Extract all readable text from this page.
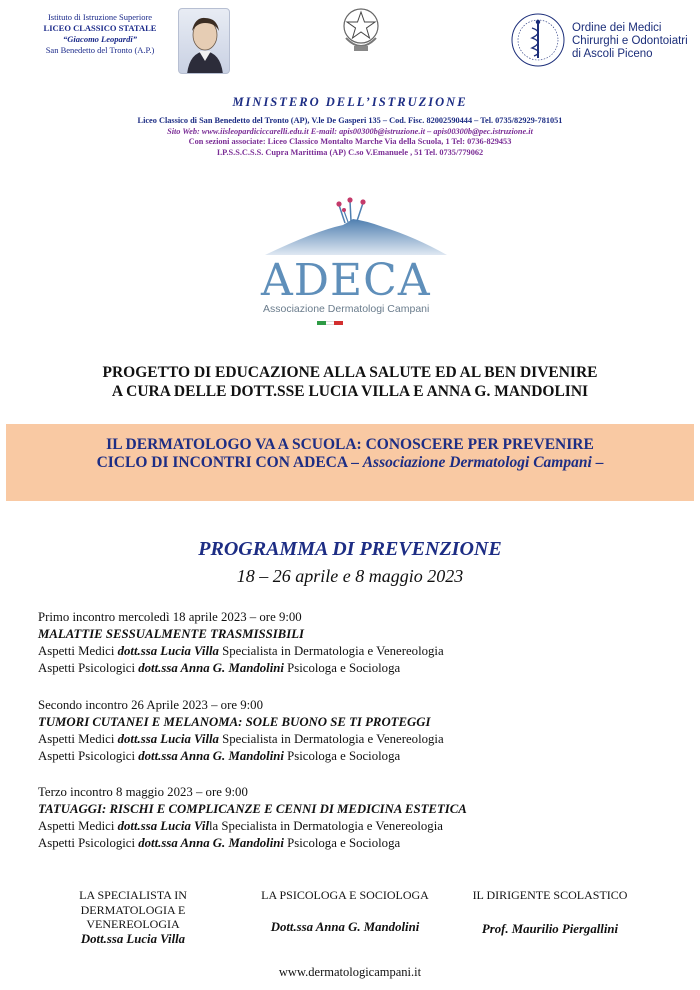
Istituto di Istruzione Superiore
LICEO CLASSICO STATALE
“Giacomo Leopardi”
San Benedetto del Tronto (A.P.)
Ordine dei Medici
Chirurghi e Odontoiatri
di Ascoli Piceno
MINISTERO DELL’ISTRUZIONE
Liceo Classico di San Benedetto del Tronto (AP), V.le De Gasperi 135 – Cod. Fisc. 82002590444 – Tel. 0735/82929-781051
Sito Web: www.iisleopardiciccarelli.edu.it E-mail: apis00300b@istruzione.it – apis00300b@pec.istruzione.it
Con sezioni associate: Liceo Classico Montalto Marche Via della Scuola, 1 Tel: 0736-829453
I.P.S.S.C.S.S. Cupra Marittima (AP) C.so V.Emanuele , 51 Tel. 0735/779062
ADECA
Associazione Dermatologi Campani
PROGETTO DI EDUCAZIONE ALLA SALUTE ED AL BEN DIVENIRE
A CURA DELLE DOTT.SSE LUCIA VILLA E ANNA G. MANDOLINI
IL DERMATOLOGO VA A SCUOLA: CONOSCERE PER PREVENIRE
CICLO DI INCONTRI CON ADECA – Associazione Dermatologi Campani –
PROGRAMMA DI PREVENZIONE
18 – 26 aprile e 8 maggio 2023
Primo incontro mercoledì 18 aprile 2023 – ore 9:00
MALATTIE SESSUALMENTE TRASMISSIBILI
Aspetti Medici dott.ssa Lucia Villa Specialista in Dermatologia e Venereologia
Aspetti Psicologici dott.ssa Anna G. Mandolini Psicologa e Sociologa
Secondo incontro 26 Aprile 2023 – ore 9:00
TUMORI CUTANEI E MELANOMA: SOLE BUONO SE TI PROTEGGI
Aspetti Medici dott.ssa Lucia Villa Specialista in Dermatologia e Venereologia
Aspetti Psicologici dott.ssa Anna G. Mandolini Psicologa e Sociologa
Terzo incontro 8 maggio 2023 – ore 9:00
TATUAGGI: RISCHI E COMPLICANZE E CENNI DI MEDICINA ESTETICA
Aspetti Medici dott.ssa Lucia Villa Specialista in Dermatologia e Venereologia
Aspetti Psicologici dott.ssa Anna G. Mandolini Psicologa e Sociologa
LA SPECIALISTA IN
DERMATOLOGIA E
VENEREOLOGIA
Dott.ssa Lucia Villa
LA PSICOLOGA E SOCIOLOGA
Dott.ssa Anna G. Mandolini
IL DIRIGENTE SCOLASTICO
Prof. Maurilio Piergallini
www.dermatologicampani.it
